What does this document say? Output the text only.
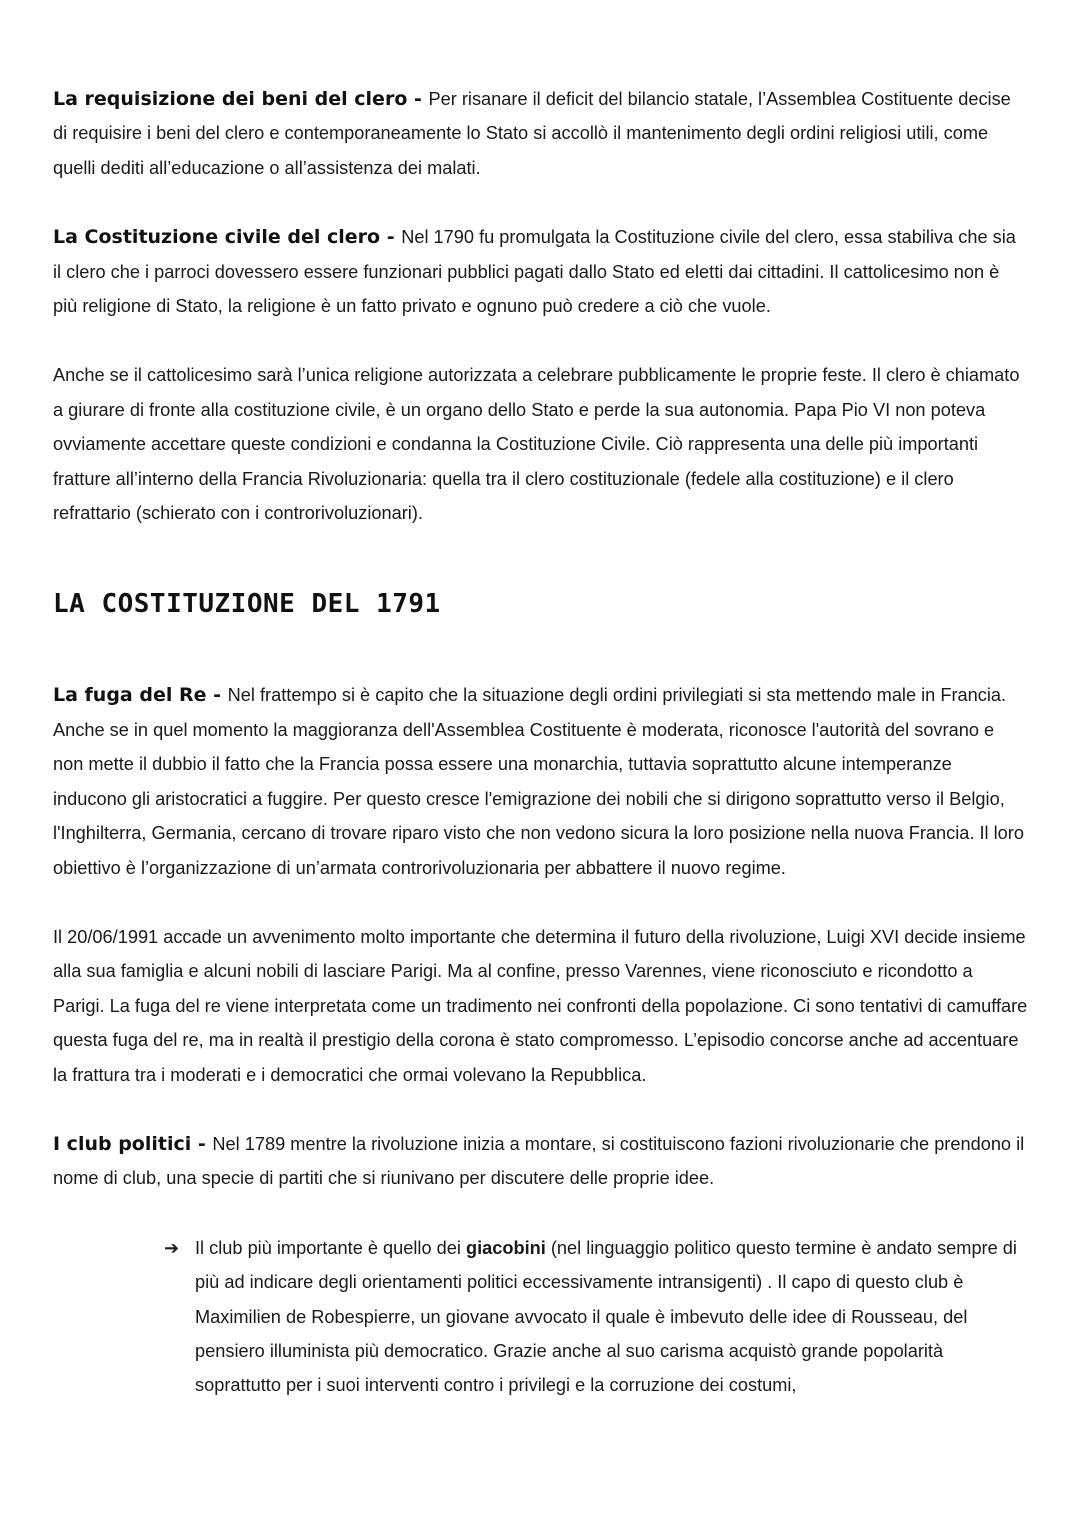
La requisizione dei beni del clero - Per risanare il deficit del bilancio statale, l’Assemblea Costituente decise di requisire i beni del clero e contemporaneamente lo Stato si accollò il mantenimento degli ordini religiosi utili, come quelli dediti all’educazione o all’assistenza dei malati.

La Costituzione civile del clero - Nel 1790 fu promulgata la Costituzione civile del clero, essa stabiliva che sia il clero che i parroci dovessero essere funzionari pubblici pagati dallo Stato ed eletti dai cittadini. Il cattolicesimo non è più religione di Stato, la religione è un fatto privato e ognuno può credere a ciò che vuole.

Anche se il cattolicesimo sarà l’unica religione autorizzata a celebrare pubblicamente le proprie feste. Il clero è chiamato a giurare di fronte alla costituzione civile, è un organo dello Stato e perde la sua autonomia. Papa Pio VI non poteva ovviamente accettare queste condizioni e condanna la Costituzione Civile. Ciò rappresenta una delle più importanti fratture all’interno della Francia Rivoluzionaria: quella tra il clero costituzionale (fedele alla costituzione) e il clero refrattario (schierato con i controrivoluzionari).

LA COSTITUZIONE DEL 1791

La fuga del Re - Nel frattempo si è capito che la situazione degli ordini privilegiati si sta mettendo male in Francia. Anche se in quel momento la maggioranza dell'Assemblea Costituente è moderata, riconosce l'autorità del sovrano e non mette il dubbio il fatto che la Francia possa essere una monarchia, tuttavia soprattutto alcune intemperanze inducono gli aristocratici a fuggire. Per questo cresce l'emigrazione dei nobili che si dirigono soprattutto verso il Belgio, l'Inghilterra, Germania, cercano di trovare riparo visto che non vedono sicura la loro posizione nella nuova Francia. Il loro obiettivo è l’organizzazione di un’armata controrivoluzionaria per abbattere il nuovo regime.

Il 20/06/1991 accade un avvenimento molto importante che determina il futuro della rivoluzione, Luigi XVI decide insieme alla sua famiglia e alcuni nobili di lasciare Parigi. Ma al confine, presso Varennes, viene riconosciuto e ricondotto a Parigi. La fuga del re viene interpretata come un tradimento nei confronti della popolazione. Ci sono tentativi di camuffare questa fuga del re, ma in realtà il prestigio della corona è stato compromesso. L’episodio concorse anche ad accentuare la frattura tra i moderati e i democratici che ormai volevano la Repubblica.

I club politici - Nel 1789 mentre la rivoluzione inizia a montare, si costituiscono fazioni rivoluzionarie che prendono il nome di club, una specie di partiti che si riunivano per discutere delle proprie idee.

➔ Il club più importante è quello dei giacobini (nel linguaggio politico questo termine è andato sempre di più ad indicare degli orientamenti politici eccessivamente intransigenti) . Il capo di questo club è Maximilien de Robespierre, un giovane avvocato il quale è imbevuto delle idee di Rousseau, del pensiero illuminista più democratico. Grazie anche al suo carisma acquistò grande popolarità soprattutto per i suoi interventi contro i privilegi e la corruzione dei costumi,
